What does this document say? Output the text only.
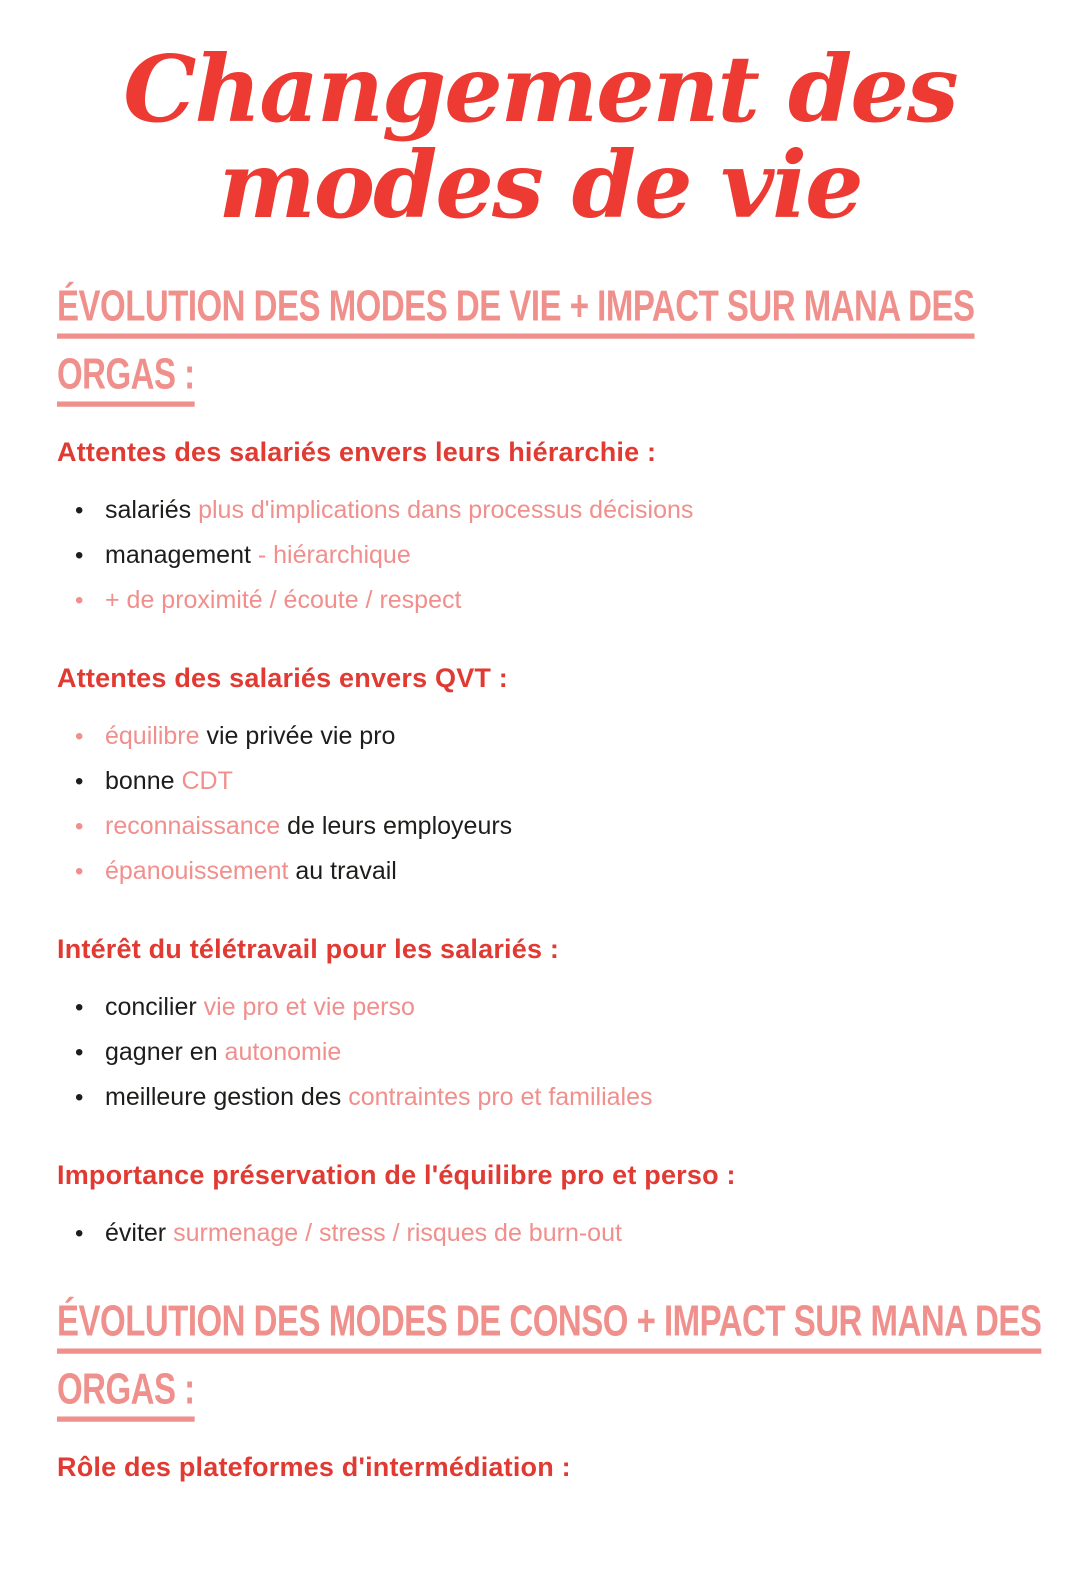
Changement des
modes de vie
ÉVOLUTION DES MODES DE VIE + IMPACT SUR MANA DES
ORGAS :
Attentes des salariés envers leurs hiérarchie :
• salariés plus d'implications dans processus décisions
• management - hiérarchique
• + de proximité / écoute / respect
Attentes des salariés envers QVT :
• équilibre vie privée vie pro
• bonne CDT
• reconnaissance de leurs employeurs
• épanouissement au travail
Intérêt du télétravail pour les salariés :
• concilier vie pro et vie perso
• gagner en autonomie
• meilleure gestion des contraintes pro et familiales
Importance préservation de l'équilibre pro et perso :
• éviter surmenage / stress / risques de burn-out
ÉVOLUTION DES MODES DE CONSO + IMPACT SUR MANA DES
ORGAS :
Rôle des plateformes d'intermédiation :
